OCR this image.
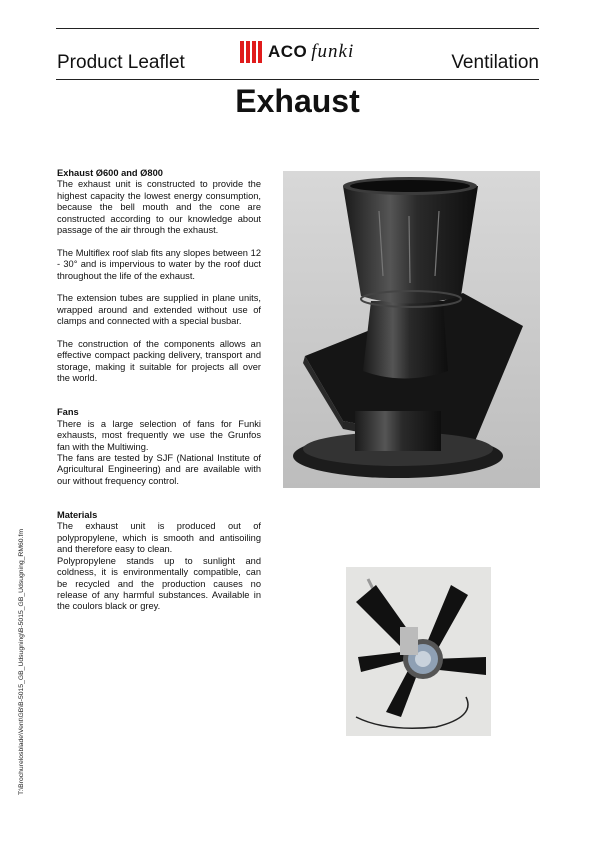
Product Leaflet
ACO funki
Ventilation
Exhaust
Exhaust Ø600 and Ø800

The exhaust unit is constructed to provide the highest capacity the lowest energy consumption, because the bell mouth and the cone are constructed according to our knowledge about passage of the air through the exhaust.

The Multiflex roof slab fits any slopes between 12 - 30° and is impervious to water by the roof duct throughout the life of the exhaust.

The extension tubes are supplied in plane units, wrapped around and extended without use of clamps and connected with a special busbar.

The construction of the components allows an effective compact packing delivery, transport and storage, making it suitable for projects all over the world.

Fans

There is a large selection of fans for Funki exhausts, most frequently we use the Grunfos fan with the Multiwing.

The fans are tested by SJF (National Institute of Agricultural Engineering) and are available with our without frequency control.

Materials

The exhaust unit is produced out of polypropylene, which is smooth and antisoiling and therefore easy to clean.

Polypropylene stands up to sunlight and coldness, it is environmentally compatible, can be recycled and the production causes no release of any harmful substances. Available in the coulors black or grey.

T:\Brochurelosblade\Vent\GB\B-5015_GB_Udsugning\B-5015_GB_Udsugning_RM60.fm
